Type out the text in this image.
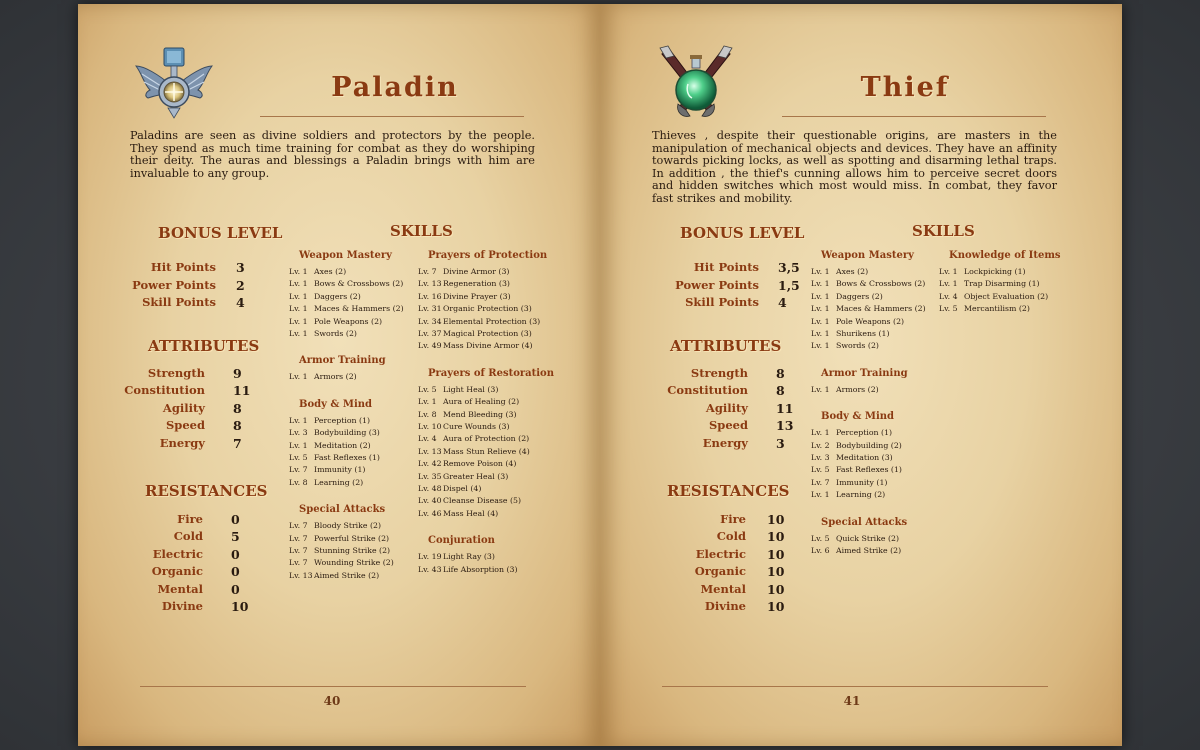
Paladin
Paladins are seen as divine soldiers and protectors by the people. They spend as much time training for combat as they do worshiping their deity. The auras and blessings a Paladin brings with him are invaluable to any group.
BONUS LEVEL
Hit Points 3
Power Points 2
Skill Points 4
ATTRIBUTES
Strength 9
Constitution 11
Agility 8
Speed 8
Energy 7
RESISTANCES
Fire 0
Cold 5
Electric 0
Organic 0
Mental 0
Divine 10
SKILLS
Weapon Mastery
Lv. 1 Axes (2)
Lv. 1 Bows & Crossbows (2)
Lv. 1 Daggers (2)
Lv. 1 Maces & Hammers (2)
Lv. 1 Pole Weapons (2)
Lv. 1 Swords (2)
Armor Training
Lv. 1 Armors (2)
Body & Mind
Lv. 1 Perception (1)
Lv. 3 Bodybuilding (3)
Lv. 1 Meditation (2)
Lv. 5 Fast Reflexes (1)
Lv. 7 Immunity (1)
Lv. 8 Learning (2)
Special Attacks
Lv. 7 Bloody Strike (2)
Lv. 7 Powerful Strike (2)
Lv. 7 Stunning Strike (2)
Lv. 7 Wounding Strike (2)
Lv. 13 Aimed Strike (2)
Prayers of Protection
Lv. 7 Divine Armor (3)
Lv. 13 Regeneration (3)
Lv. 16 Divine Prayer (3)
Lv. 31 Organic Protection (3)
Lv. 34 Elemental Protection (3)
Lv. 37 Magical Protection (3)
Lv. 49 Mass Divine Armor (4)
Prayers of Restoration
Lv. 5 Light Heal (3)
Lv. 1 Aura of Healing (2)
Lv. 8 Mend Bleeding (3)
Lv. 10 Cure Wounds (3)
Lv. 4 Aura of Protection (2)
Lv. 13 Mass Stun Relieve (4)
Lv. 42 Remove Poison (4)
Lv. 35 Greater Heal (3)
Lv. 48 Dispel (4)
Lv. 40 Cleanse Disease (5)
Lv. 46 Mass Heal (4)
Conjuration
Lv. 19 Light Ray (3)
Lv. 43 Life Absorption (3)
40
Thief
Thieves , despite their questionable origins, are masters in the manipulation of mechanical objects and devices. They have an affinity towards picking locks, as well as spotting and disarming lethal traps. In addition , the thief's cunning allows him to perceive secret doors and hidden switches which most would miss. In combat, they favor fast strikes and mobility.
BONUS LEVEL
Hit Points 3,5
Power Points 1,5
Skill Points 4
ATTRIBUTES
Strength 8
Constitution 8
Agility 11
Speed 13
Energy 3
RESISTANCES
Fire 10
Cold 10
Electric 10
Organic 10
Mental 10
Divine 10
SKILLS
Weapon Mastery
Lv. 1 Axes (2)
Lv. 1 Bows & Crossbows (2)
Lv. 1 Daggers (2)
Lv. 1 Maces & Hammers (2)
Lv. 1 Pole Weapons (2)
Lv. 1 Shurikens (1)
Lv. 1 Swords (2)
Armor Training
Lv. 1 Armors (2)
Body & Mind
Lv. 1 Perception (1)
Lv. 2 Bodybuilding (2)
Lv. 3 Meditation (3)
Lv. 5 Fast Reflexes (1)
Lv. 7 Immunity (1)
Lv. 1 Learning (2)
Special Attacks
Lv. 5 Quick Strike (2)
Lv. 6 Aimed Strike (2)
Knowledge of Items
Lv. 1 Lockpicking (1)
Lv. 1 Trap Disarming (1)
Lv. 4 Object Evaluation (2)
Lv. 5 Mercantilism (2)
41
